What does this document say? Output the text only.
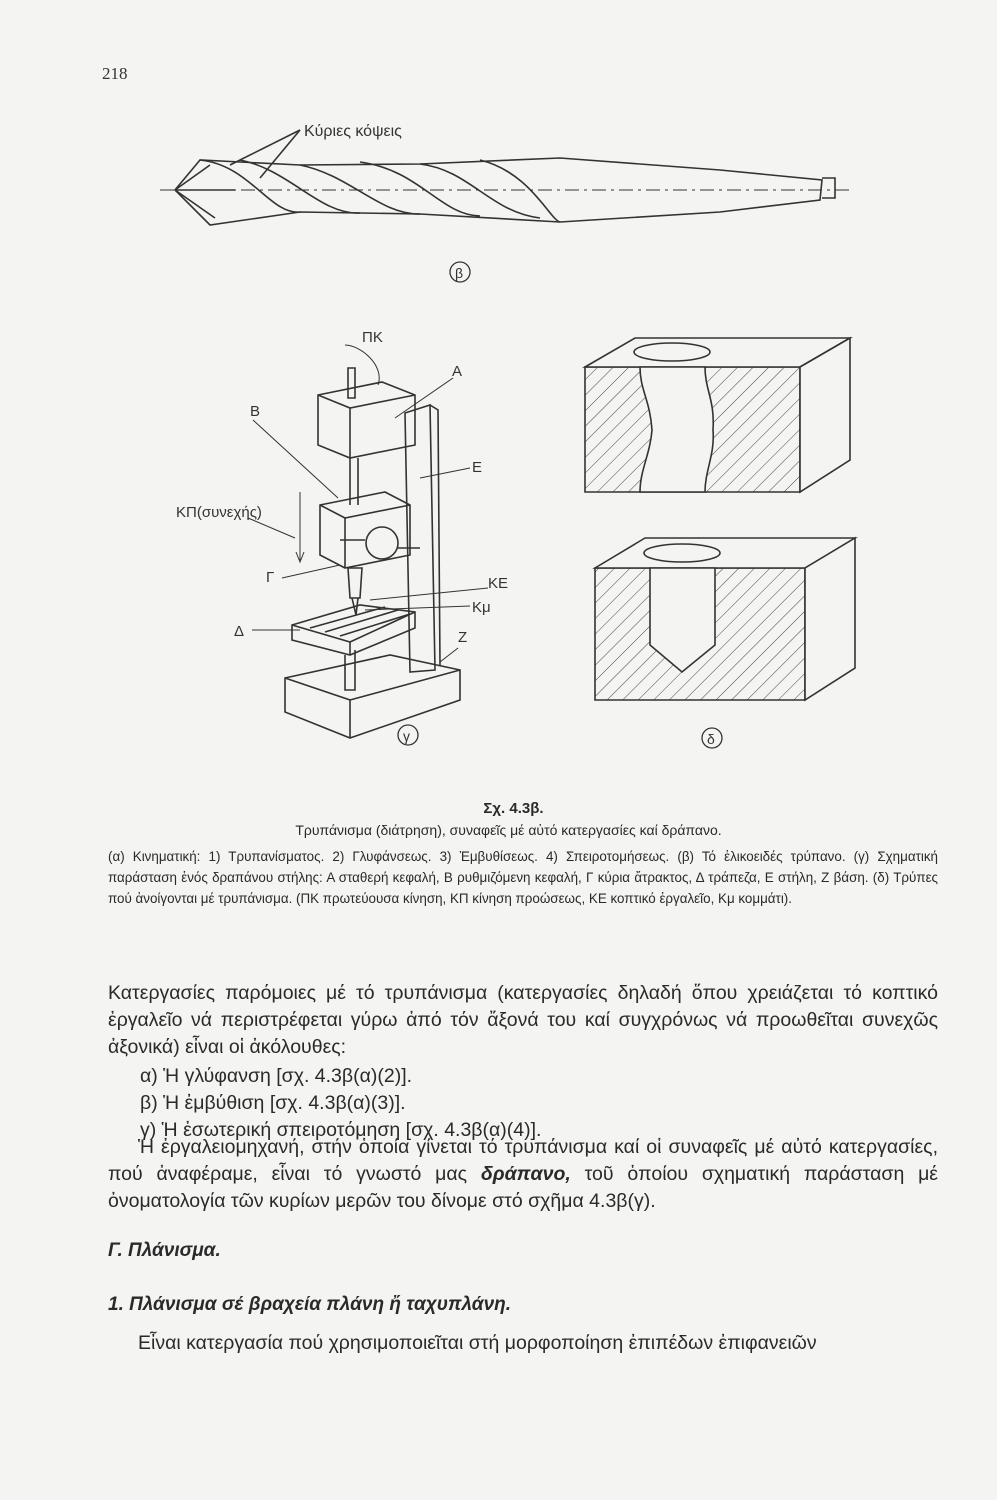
218
Κύριες κόψεις
β
ΠΚ
Α
Β
Ε
ΚΠ(συνεχής)
Γ	ΚΕ
Κμ
Δ	Ζ
γ	δ
Σχ. 4.3β.
Τρυπάνισμα (διάτρηση), συναφεῖς μέ αὐτό κατεργασίες καί δράπανο.
(α) Κινηματική: 1) Τρυπανίσματος. 2) Γλυφάνσεως. 3) Ἐμβυθίσεως. 4) Σπειροτομήσεως. (β) Τό ἑλικοειδές τρύπανο. (γ) Σχηματική παράσταση ἑνός δραπάνου στήλης: Α σταθερή κεφαλή, Β ρυθμιζόμενη κεφαλή, Γ κύρια ἄτρακτος, Δ τράπεζα, Ε στήλη, Ζ βάση. (δ) Τρύπες πού ἀνοίγονται μέ τρυπάνισμα. (ΠΚ πρωτεύουσα κίνηση, ΚΠ κίνηση προώσεως, ΚΕ κοπτικό ἐργαλεῖο, Κμ κομμάτι).
Κατεργασίες παρόμοιες μέ τό τρυπάνισμα (κατεργασίες δηλαδή ὅπου χρειάζεται τό κοπτικό ἐργαλεῖο νά περιστρέφεται γύρω ἀπό τόν ἄξονά του καί συγχρόνως νά προωθεῖται συνεχῶς ἀξονικά) εἶναι οἱ ἀκόλουθες:
α) Ἡ γλύφανση [σχ. 4.3β(α)(2)].
β) Ἡ ἐμβύθιση [σχ. 4.3β(α)(3)].
γ) Ἡ ἐσωτερική σπειροτόμηση [σχ. 4.3β(α)(4)].
Ἡ ἐργαλειομηχανή, στήν ὁποία γίνεται τό τρυπάνισμα καί οἱ συναφεῖς μέ αὐτό κατεργασίες, πού ἀναφέραμε, εἶναι τό γνωστό μας δράπανο, τοῦ ὁποίου σχηματική παράσταση μέ ὀνοματολογία τῶν κυρίων μερῶν του δίνομε στό σχῆμα 4.3β(γ).
Γ. Πλάνισμα.
1. Πλάνισμα σέ βραχεία πλάνη ἤ ταχυπλάνη.
Εἶναι κατεργασία πού χρησιμοποιεῖται στή μορφοποίηση ἐπιπέδων ἐπιφανειῶν
